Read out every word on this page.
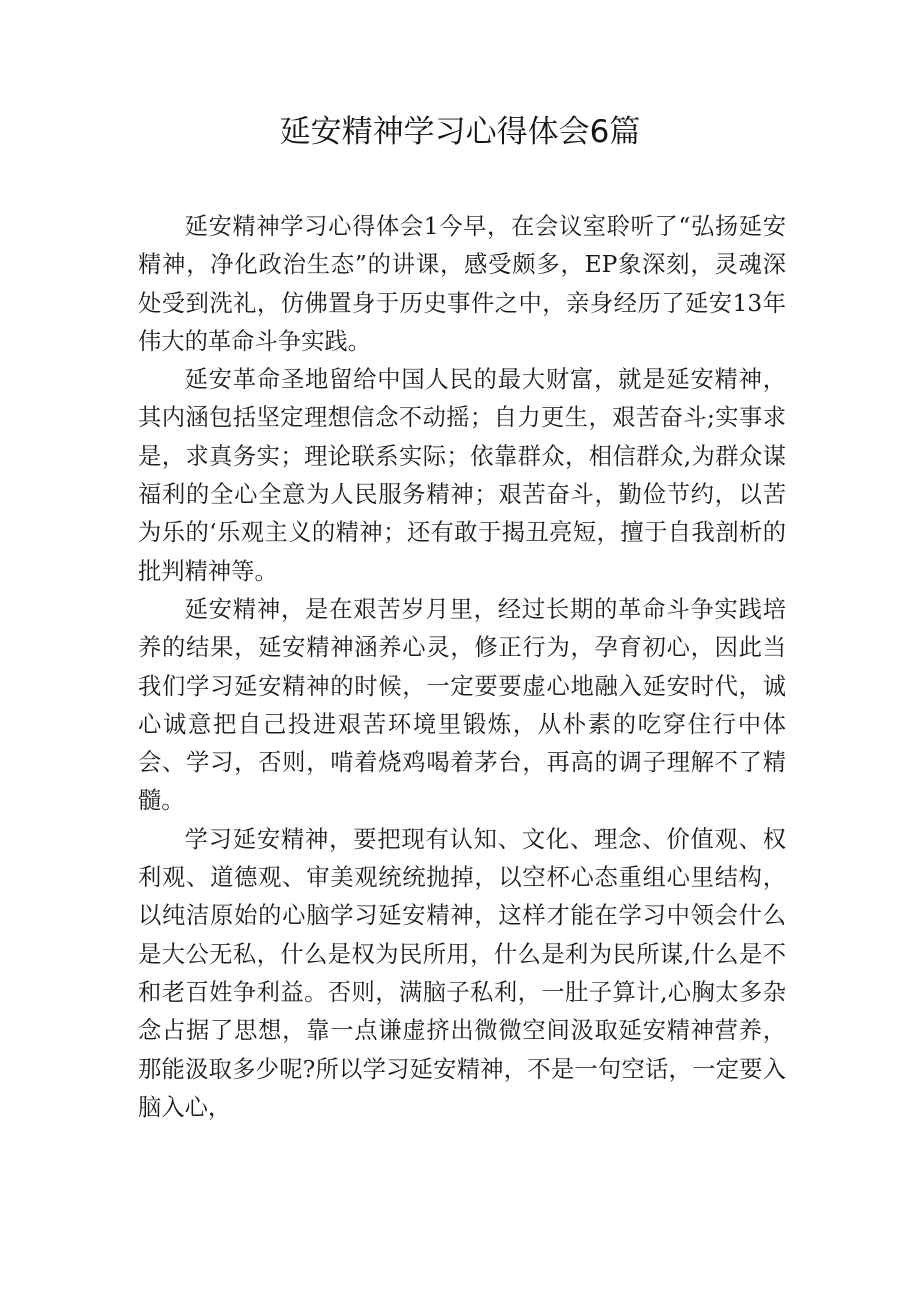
延安精神学习心得体会6篇

延安精神学习心得体会1今早，在会议室聆听了“弘扬延安精神，净化政治生态”的讲课，感受颇多，EP象深刻，灵魂深处受到洗礼，仿佛置身于历史事件之中，亲身经历了延安13年伟大的革命斗争实践。

延安革命圣地留给中国人民的最大财富，就是延安精神，其内涵包括坚定理想信念不动摇；自力更生，艰苦奋斗;实事求是，求真务实；理论联系实际；依靠群众，相信群众,为群众谋福利的全心全意为人民服务精神；艰苦奋斗，勤俭节约，以苦为乐的‘乐观主义的精神；还有敢于揭丑亮短，擅于自我剖析的批判精神等。

延安精神，是在艰苦岁月里，经过长期的革命斗争实践培养的结果，延安精神涵养心灵，修正行为，孕育初心，因此当我们学习延安精神的时候，一定要要虚心地融入延安时代，诚心诚意把自己投进艰苦环境里锻炼，从朴素的吃穿住行中体会、学习，否则，啃着烧鸡喝着茅台，再高的调子理解不了精髓。

学习延安精神，要把现有认知、文化、理念、价值观、权利观、道德观、审美观统统抛掉，以空杯心态重组心里结构，以纯洁原始的心脑学习延安精神，这样才能在学习中领会什么是大公无私，什么是权为民所用，什么是利为民所谋,什么是不和老百姓争利益。否则，满脑子私利，一肚子算计,心胸太多杂念占据了思想，靠一点谦虚挤出微微空间汲取延安精神营养，那能汲取多少呢?所以学习延安精神，不是一句空话，一定要入脑入心，
